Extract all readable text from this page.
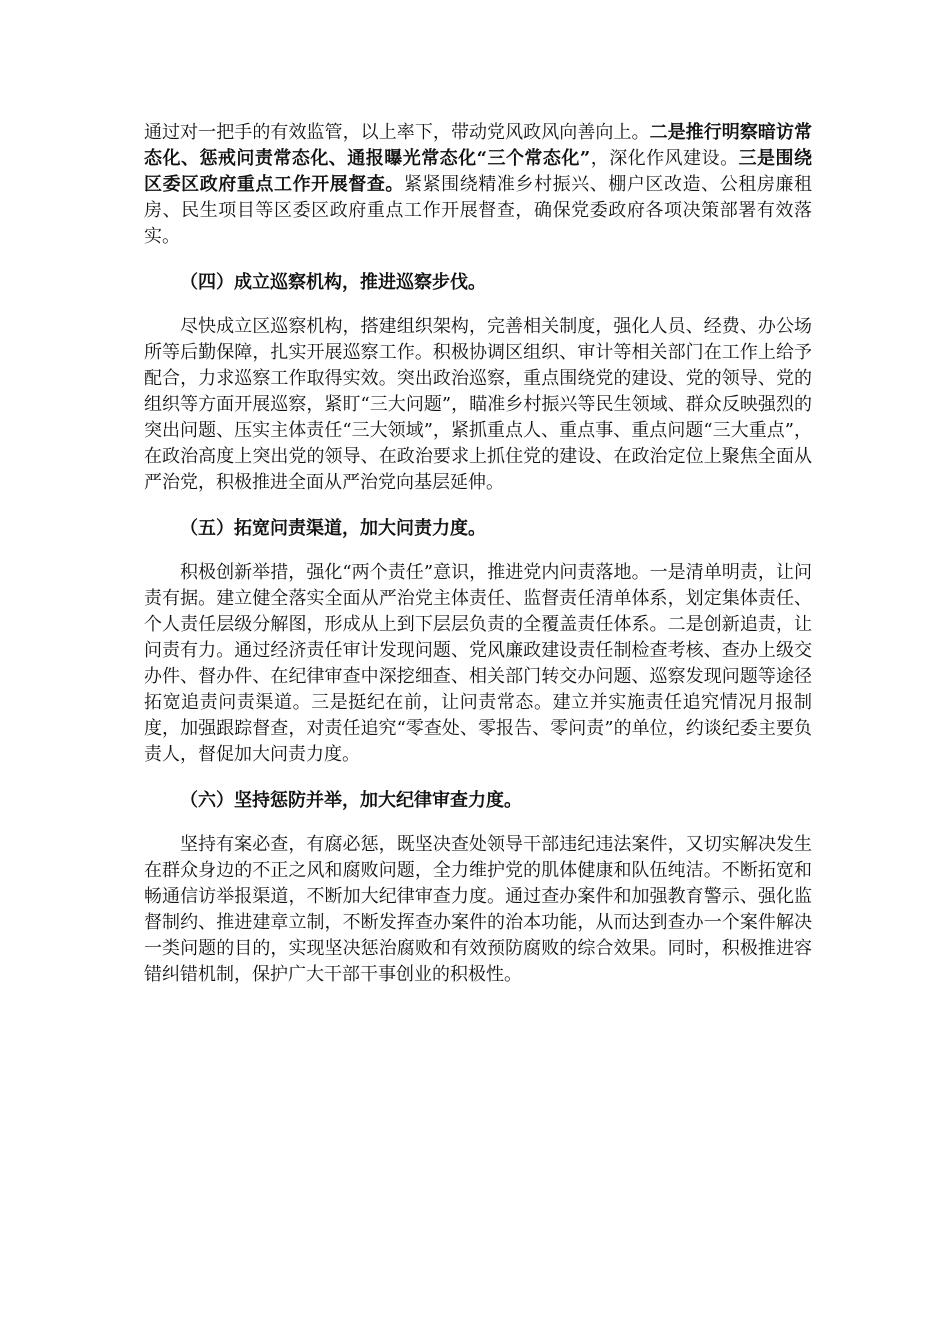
通过对一把手的有效监管，以上率下，带动党风政风向善向上。二是推行明察暗访常态化、惩戒问责常态化、通报曝光常态化“三个常态化”，深化作风建设。三是围绕区委区政府重点工作开展督查。紧紧围绕精准乡村振兴、棚户区改造、公租房廉租房、民生项目等区委区政府重点工作开展督查，确保党委政府各项决策部署有效落实。

（四）成立巡察机构，推进巡察步伐。

尽快成立区巡察机构，搭建组织架构，完善相关制度，强化人员、经费、办公场所等后勤保障，扎实开展巡察工作。积极协调区组织、审计等相关部门在工作上给予配合，力求巡察工作取得实效。突出政治巡察，重点围绕党的建设、党的领导、党的组织等方面开展巡察，紧盯“三大问题”，瞄准乡村振兴等民生领域、群众反映强烈的突出问题、压实主体责任“三大领域”，紧抓重点人、重点事、重点问题“三大重点”，在政治高度上突出党的领导、在政治要求上抓住党的建设、在政治定位上聚焦全面从严治党，积极推进全面从严治党向基层延伸。

（五）拓宽问责渠道，加大问责力度。

积极创新举措，强化“两个责任”意识，推进党内问责落地。一是清单明责，让问责有据。建立健全落实全面从严治党主体责任、监督责任清单体系，划定集体责任、个人责任层级分解图，形成从上到下层层负责的全覆盖责任体系。二是创新追责，让问责有力。通过经济责任审计发现问题、党风廉政建设责任制检查考核、查办上级交办件、督办件、在纪律审查中深挖细查、相关部门转交办问题、巡察发现问题等途径拓宽追责问责渠道。三是挺纪在前，让问责常态。建立并实施责任追究情况月报制度，加强跟踪督查，对责任追究“零查处、零报告、零问责”的单位，约谈纪委主要负责人，督促加大问责力度。

（六）坚持惩防并举，加大纪律审查力度。

坚持有案必查，有腐必惩，既坚决查处领导干部违纪违法案件，又切实解决发生在群众身边的不正之风和腐败问题，全力维护党的肌体健康和队伍纯洁。不断拓宽和畅通信访举报渠道，不断加大纪律审查力度。通过查办案件和加强教育警示、强化监督制约、推进建章立制，不断发挥查办案件的治本功能，从而达到查办一个案件解决一类问题的目的，实现坚决惩治腐败和有效预防腐败的综合效果。同时，积极推进容错纠错机制，保护广大干部干事创业的积极性。
